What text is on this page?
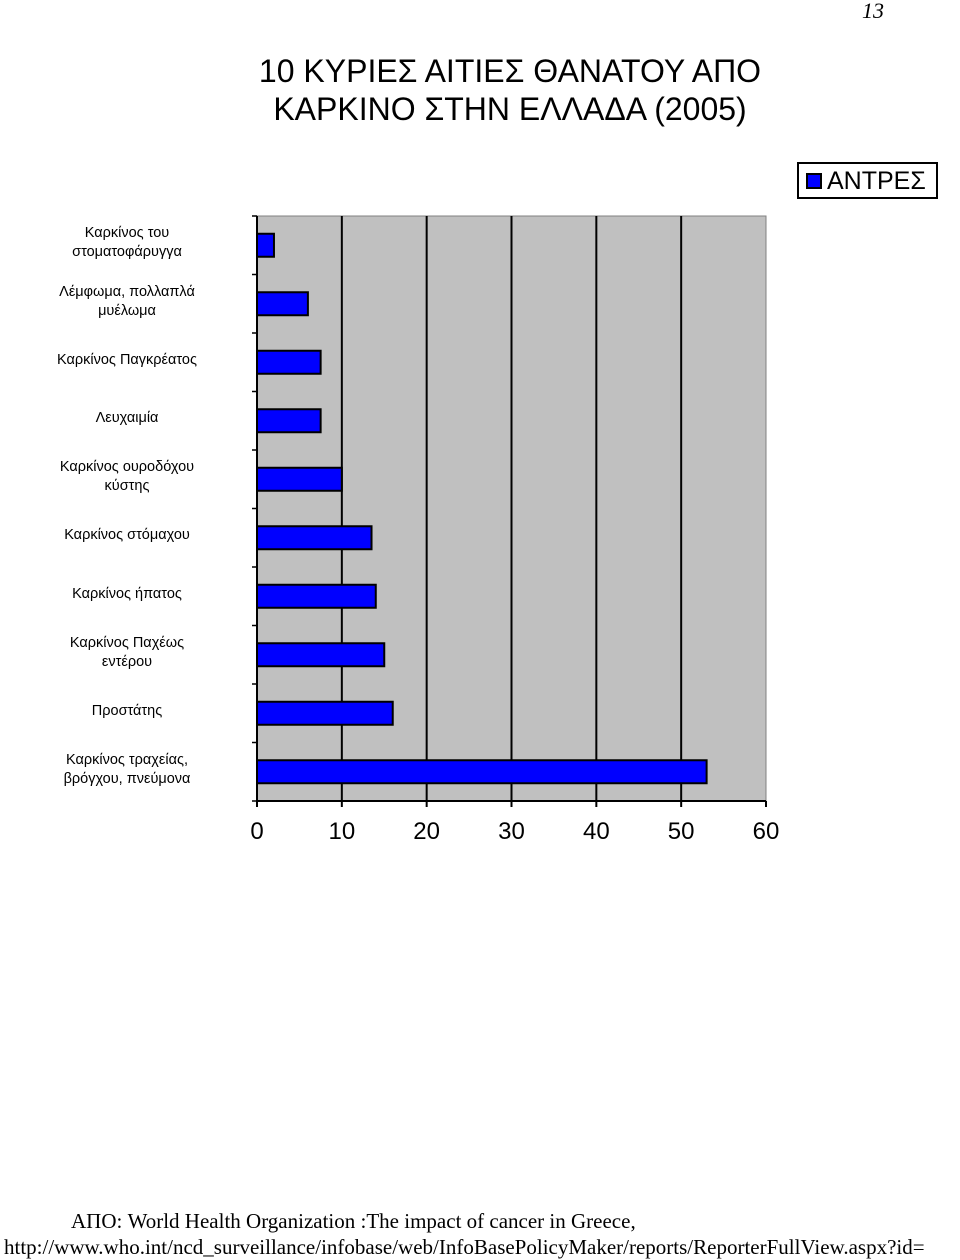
13
10 ΚΥΡΙΕΣ ΑΙΤΙΕΣ ΘΑΝΑΤΟΥ ΑΠΟ
ΚΑΡΚΙΝΟ ΣΤΗΝ ΕΛΛΑΔΑ (2005)
ΑΝΤΡΕΣ
Καρκίνος του
στοματοφάρυγγα
Λέμφωμα, πολλαπλά
μυέλωμα
Καρκίνος Παγκρέατος
Λευχαιμία
Καρκίνος ουροδόχου
κύστης
Καρκίνος στόμαχου
Καρκίνος ήπατος
Καρκίνος Παχέως
εντέρου
Προστάτης
Καρκίνος τραχείας,
βρόγχου, πνεύμονα
0	10	20	30	40	50	60
ΑΠΟ: World Health Organization :The impact of cancer in Greece,
http://www.who.int/ncd_surveillance/infobase/web/InfoBasePolicyMaker/reports/ReporterFullView.aspx?id=
